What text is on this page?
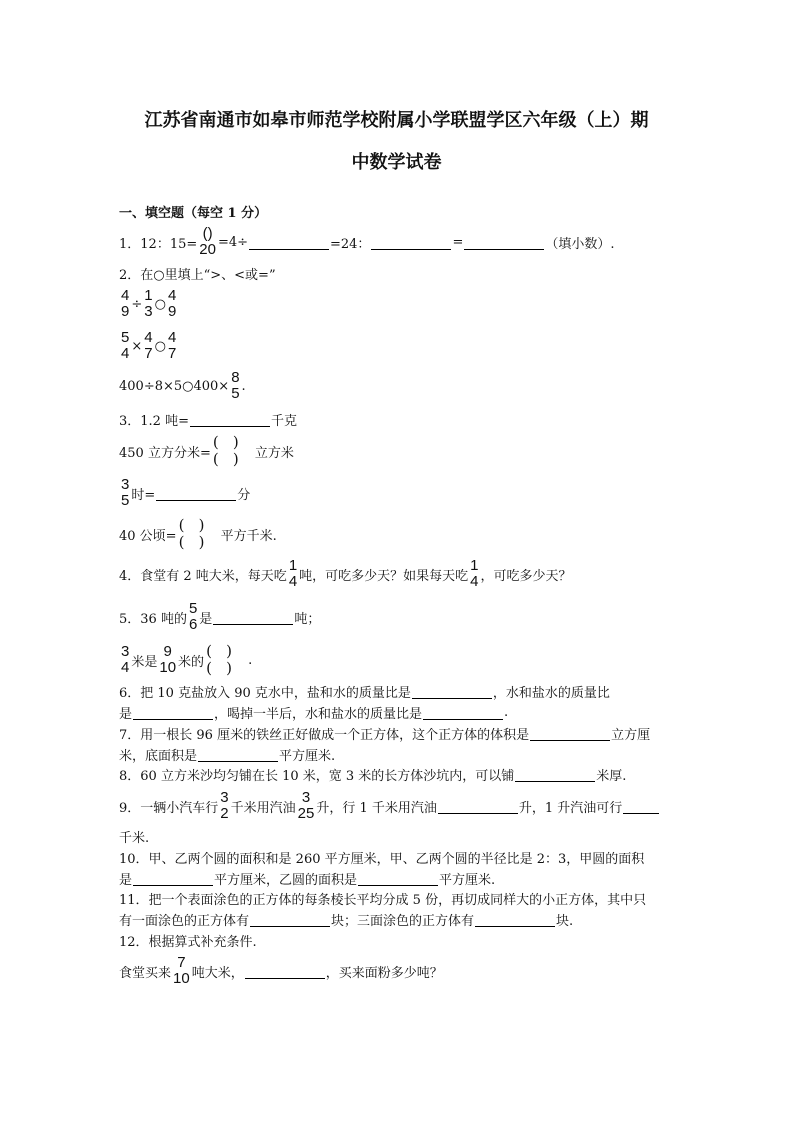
江苏省南通市如皋市师范学校附属小学联盟学区六年级（上）期
中数学试卷
一、填空题（每空 1 分）
1．12：15=
()
20 =4÷	=24：	=	（填小数）.
2．在○里填上“>、<或=”
4
9 ÷ 1
3 ○ 4
9
5
4 × 4
7 ○ 4
7
400÷8×5○400× 8
5 .
3．1.2 吨=	千克
450 立方分米=
( )
( )	立方米
3
5 时=	分
40 公顷=
( )
( )	平方千米.
4．食堂有 2 吨大米，每天吃
1
4 吨，可吃多少天？如果每天吃
1
4 ，可吃多少天？
5．36 吨的
5
6 是	吨；
3
4 米是
9
10 米的
( )
( )	.
6．把 10 克盐放入 90 克水中，盐和水的质量比是	，水和盐水的质量比
是	，喝掉一半后，水和盐水的质量比是	.
7．用一根长 96 厘米的铁丝正好做成一个正方体，这个正方体的体积是	立方厘
米，底面积是	平方厘米.
8．60 立方米沙均匀铺在长 10 米，宽 3 米的长方体沙坑内，可以铺	米厚.
9．一辆小汽车行
3
2 千米用汽油
3
25 升，行 1 千米用汽油	升，1 升汽油可行
千米.
10．甲、乙两个圆的面积和是 260 平方厘米，甲、乙两个圆的半径比是 2：3，甲圆的面积
是	平方厘米，乙圆的面积是	平方厘米.
11．把一个表面涂色的正方体的每条棱长平均分成 5 份，再切成同样大的小正方体，其中只
有一面涂色的正方体有	块；三面涂色的正方体有	块.
12．根据算式补充条件.
食堂买来
7
10 吨大米，	，买来面粉多少吨？
